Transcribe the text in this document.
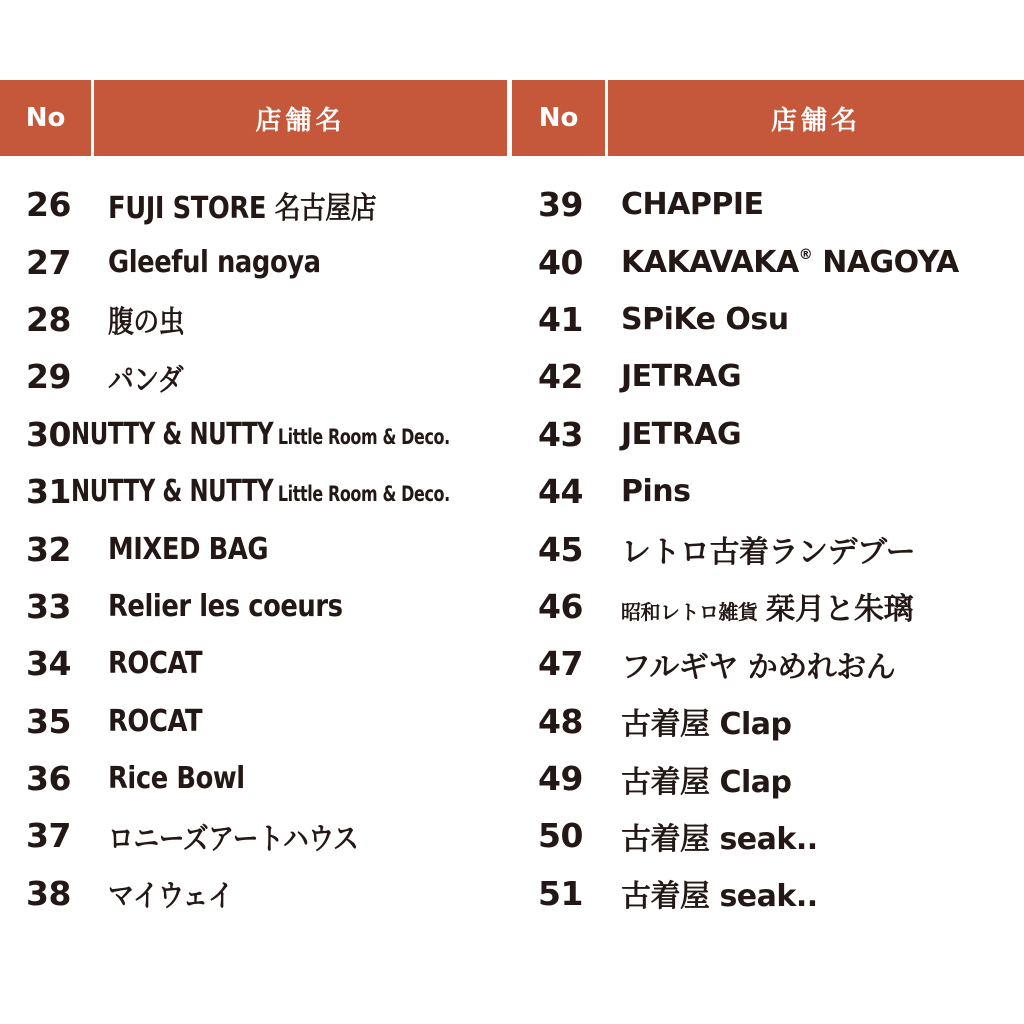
No	店舗名	No	店舗名
26	FUJI STORE 名古屋店
27	Gleeful nagoya
28	腹の虫
29	パンダ
30 NUTTY & NUTTY Little Room & Deco.
31 NUTTY & NUTTY Little Room & Deco.
32	MIXED BAG
33	Relier les coeurs
34	ROCAT
35	ROCAT
36	Rice Bowl
37	ロニーズアートハウス
38	マイウェイ
39	CHAPPIE
40	KAKAVAKA® NAGOYA
41	SPiKe Osu
42	JETRAG
43	JETRAG
44	Pins
45	レトロ古着ランデブー
46	昭和レトロ雑貨 栞月と朱璃
47	フルギヤ かめれおん
48	古着屋 Clap
49	古着屋 Clap
50	古着屋 seak..
51	古着屋 seak..
